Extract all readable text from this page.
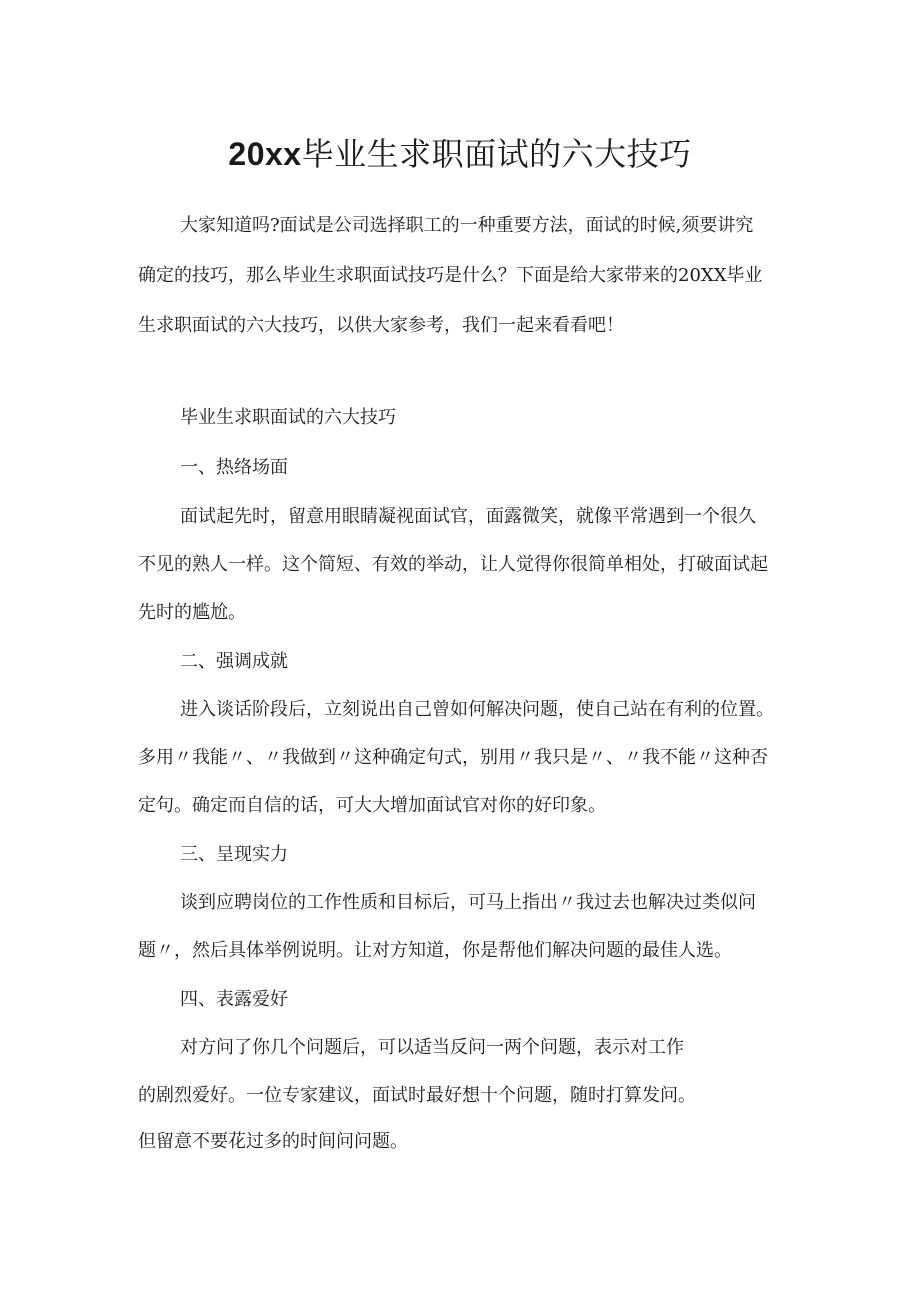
20xx毕业生求职面试的六大技巧

大家知道吗?面试是公司选择职工的一种重要方法，面试的时候,须要讲究

确定的技巧，那么毕业生求职面试技巧是什么？下面是给大家带来的20XX毕业

生求职面试的六大技巧，以供大家参考，我们一起来看看吧！

毕业生求职面试的六大技巧

一、热络场面

面试起先时，留意用眼睛凝视面试官，面露微笑，就像平常遇到一个很久

不见的熟人一样。这个简短、有效的举动，让人觉得你很简单相处，打破面试起

先时的尴尬。

二、强调成就

进入谈话阶段后，立刻说出自己曾如何解决问题，使自己站在有利的位置。

多用〃我能〃、〃我做到〃这种确定句式，别用〃我只是〃、〃我不能〃这种否

定句。确定而自信的话，可大大增加面试官对你的好印象。

三、呈现实力

谈到应聘岗位的工作性质和目标后，可马上指出〃我过去也解决过类似问

题〃，然后具体举例说明。让对方知道，你是帮他们解决问题的最佳人选。

四、表露爱好

对方问了你几个问题后，可以适当反问一两个问题，表示对工作

的剧烈爱好。一位专家建议，面试时最好想十个问题，随时打算发问。

但留意不要花过多的时间问问题。
